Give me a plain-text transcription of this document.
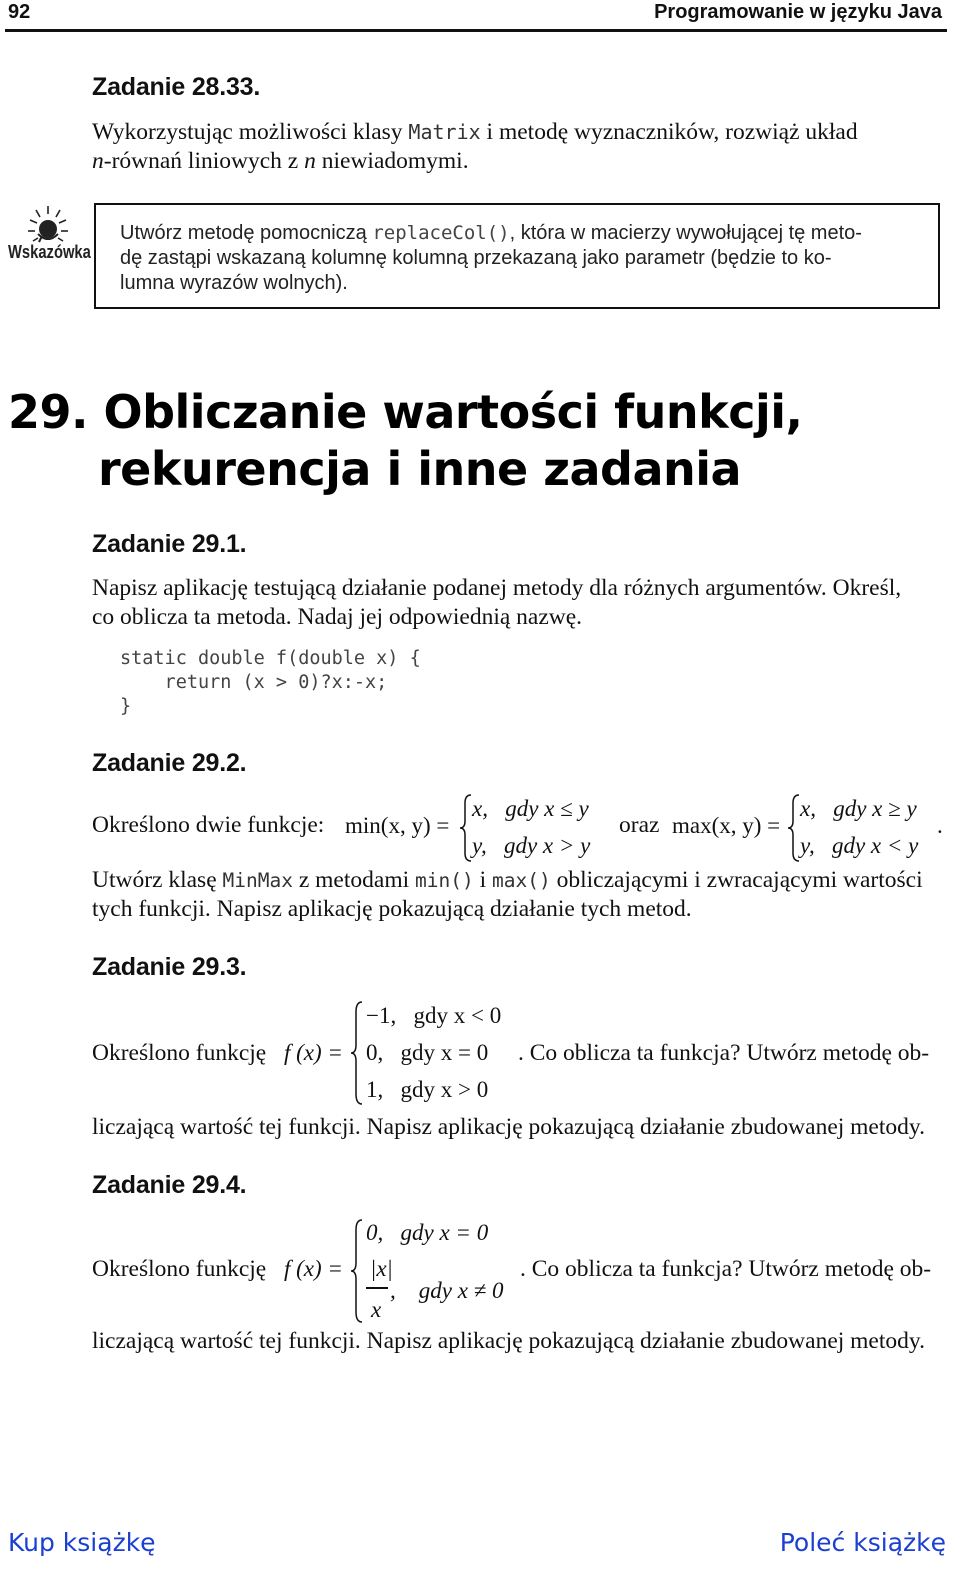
92	Programowanie w języku Java
Zadanie 28.33.
Wykorzystując możliwości klasy Matrix i metodę wyznaczników, rozwiąż układ
n-równań liniowych z n niewiadomymi.
Wskazówka
Utwórz metodę pomocniczą replaceCol(), która w macierzy wywołującej tę meto-
dę zastąpi wskazaną kolumnę kolumną przekazaną jako parametr (będzie to ko-
lumna wyrazów wolnych).
29. Obliczanie wartości funkcji,
rekurencja i inne zadania
Zadanie 29.1.
Napisz aplikację testującą działanie podanej metody dla różnych argumentów. Określ,
co oblicza ta metoda. Nadaj jej odpowiednią nazwę.
static double f(double x) {
return (x > 0)?x:-x;
}
Zadanie 29.2.
Określono dwie funkcje: min(x, y) =
x,   gdy x ≤ y
y,   gdy x > y
oraz max(x, y) =
x,   gdy x ≥ y
y,   gdy x < y
.
Utwórz klasę MinMax z metodami min() i max() obliczającymi i zwracającymi wartości
tych funkcji. Napisz aplikację pokazującą działanie tych metod.
Zadanie 29.3.
Określono funkcję f (x) =
−1,   gdy x < 0
0,   gdy x = 0
1,   gdy x > 0
. Co oblicza ta funkcja? Utwórz metodę ob-
liczającą wartość tej funkcji. Napisz aplikację pokazującą działanie zbudowanej metody.
Zadanie 29.4.
Określono funkcję f (x) =
0,   gdy x = 0
|x|
x
,    gdy x ≠ 0
. Co oblicza ta funkcja? Utwórz metodę ob-
liczającą wartość tej funkcji. Napisz aplikację pokazującą działanie zbudowanej metody.
Kup książkę	Poleć książkę
